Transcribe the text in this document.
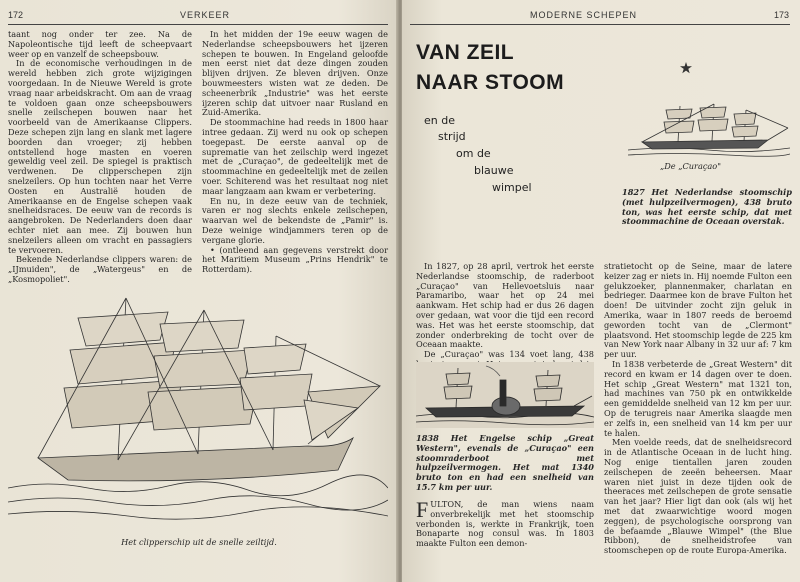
172	VERKEER

taant nog onder ter zee. Na de Napoleontische tijd leeft de scheepvaart weer op en vanzelf de scheepsbouw.

In de economische verhoudingen in de wereld hebben zich grote wijzigingen voorgedaan. In de Nieuwe Wereld is grote vraag naar arbeidskracht. Om aan de vraag te voldoen gaan onze scheepsbouwers snelle zeilschepen bouwen naar het voorbeeld van de Amerikaanse Clippers. Deze schepen zijn lang en slank met lagere boorden dan vroeger; zij hebben ontstellend hoge masten en voeren geweldig veel zeil. De spiegel is praktisch verdwenen. De clipperschepen zijn snelzeilers. Op hun tochten naar het Verre Oosten en Australië houden de Amerikaanse en de Engelse schepen vaak snelheidsraces. De eeuw van de records is aangebroken. De Nederlanders doen daar echter niet aan mee. Zij bouwen hun snelzeilers alleen om vracht en passagiers te vervoeren.

Bekende Nederlandse clippers waren: de „IJmuiden", de „Watergeus" en de „Kosmopoliet".

In het midden der 19e eeuw wagen de Nederlandse scheepsbouwers het ijzeren schepen te bouwen. In Engeland geloofde men eerst niet dat deze dingen zouden blijven drijven. Ze bleven drijven. Onze bouwmeesters wisten wat ze deden. De scheenerbrik „Industrie" was het eerste ijzeren schip dat uitvoer naar Rusland en Zuid-Amerika.

De stoommachine had reeds in 1800 haar intree gedaan. Zij werd nu ook op schepen toegepast. De eerste aanval op de suprematie van het zeilschip werd ingezet met de „Curaçao", de gedeeltelijk met de stoommachine en gedeeltelijk met de zeilen voer. Schiterend was het resultaat nog niet maar langzaam aan kwam er verbetering.

En nu, in deze eeuw van de techniek, varen er nog slechts enkele zeilschepen, waarvan wel de bekendste de „Pamir" is. Deze weinige windjammers teren op de vergane glorie.

• (ontleend aan gegevens verstrekt door het Maritiem Museum „Prins Hendrik" te Rotterdam).

Het clipperschip uit de snelle zeiltijd.
MODERNE SCHEPEN	173
VAN ZEIL
NAAR STOOM
en de
strijd
om de
blauwe
wimpel
„De „Curaçao"
1827 Het Nederlandse stoomschip (met hulpzeilvermogen), 438 bruto ton, was het eerste schip, dat met stoommachine de Oceaan overstak.

In 1827, op 28 april, vertrok het eerste Nederlandse stoomschip, de raderboot „Curaçao" van Hellevoetsluis naar Paramaribo, waar het op 24 mei aankwam. Het schip had er dus 26 dagen over gedaan, wat voor die tijd een record was. Het was het eerste stoomschip, dat zonder onderbreking de tocht over de Oceaan maakte.

De „Curaçao" was 134 voet lang, 438

1838 Het Engelse schip „Great Western", evenals de „Curaçao" een stoomraderboot met hulpzeilvermogen. Het mat 1340 bruto ton en had een snelheid van 15.7 km per uur.
FULTON, de man wiens naam onverbrekelijk met het stoomschip verbonden is, werkte in Frankrijk, toen Bonaparte nog consul was. In 1803 maakte Fulton een demon-

stratietocht op de Seine, maar de latere keizer zag er niets in. Hij noemde Fulton een gelukzoeker, plannenmaker, charlatan en bedrieger. Daarmee kon de brave Fulton het doen! De uitvinder zocht zijn geluk in Amerika, waar in 1807 reeds de beroemd geworden tocht van de „Clermont" plaatsvond. Het stoomschip legde de 225 km van New York naar Albany in 32 uur af: 7 km per uur.

In 1838 verbeterde de „Great Western" dit record en kwam er 14 dagen over te doen. Het schip „Great Western" mat 1321 ton, had machines van 750 pk en ontwikkelde een gemiddelde snelheid van 12 km per uur. Op de terugreis naar Amerika slaagde men er zelfs in, een snelheid van 14 km per uur te halen.

Men voelde reeds, dat de snelheidsrecord in de Atlantische Oceaan in de lucht hing. Nog enige tientallen jaren zouden zeilschepen de zeeën beheersen. Maar waren niet juist in deze tijden ook de theeraces met zeilschepen de grote sensatie van het jaar? Hier ligt dan ook (als wij het met dat zwaarwichtige woord mogen zeggen), de psychologische oorsprong van de befaamde „Blauwe Wimpel" (the Blue Ribbon), de snelheidstrofee van stoomschepen op de route Europa-Amerika.
